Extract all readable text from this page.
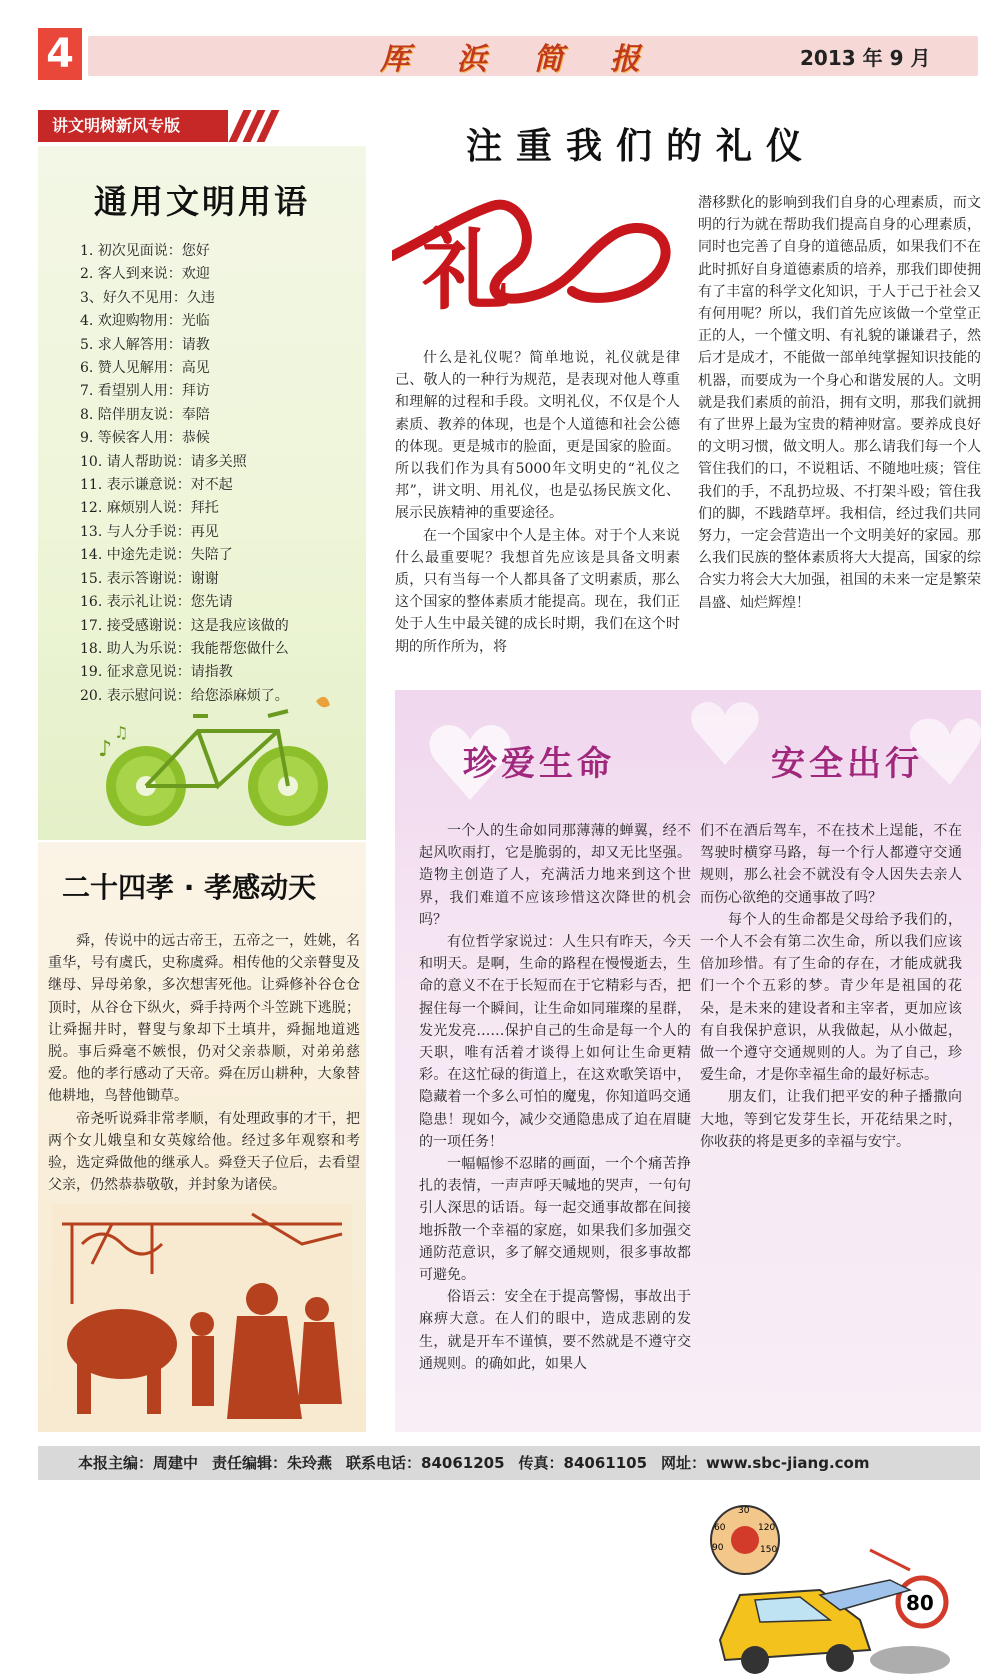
4	厍 浜 简 报	2013 年 9 月
讲文明树新风专版
通用文明用语
1. 初次见面说：您好
2. 客人到来说：欢迎
3、好久不见用：久违
4. 欢迎购物用：光临
5. 求人解答用：请教
6. 赞人见解用：高见
7. 看望别人用：拜访
8. 陪伴朋友说：奉陪
9. 等候客人用：恭候
10. 请人帮助说：请多关照
11. 表示谦意说：对不起
12. 麻烦别人说：拜托
13. 与人分手说：再见
14. 中途先走说：失陪了
15. 表示答谢说：谢谢
16. 表示礼让说：您先请
17. 接受感谢说：这是我应该做的
18. 助人为乐说：我能帮您做什么
19. 征求意见说：请指教
20. 表示慰问说：给您添麻烦了。
♪
♫
二十四孝 · 孝感动天

舜，传说中的远古帝王，五帝之一，姓姚，名重华，号有虞氏，史称虞舜。相传他的父亲瞽叟及继母、异母弟象，多次想害死他。让舜修补谷仓仓顶时，从谷仓下纵火，舜手持两个斗笠跳下逃脱；让舜掘井时，瞽叟与象却下土填井，舜掘地道逃脱。事后舜毫不嫉恨，仍对父亲恭顺，对弟弟慈爱。他的孝行感动了天帝。舜在厉山耕种，大象替他耕地，鸟替他锄草。

帝尧听说舜非常孝顺，有处理政事的才干，把两个女儿娥皇和女英嫁给他。经过多年观察和考验，选定舜做他的继承人。舜登天子位后，去看望父亲，仍然恭恭敬敬，并封象为诸侯。

注重我们的礼仪
礼

什么是礼仪呢？简单地说，礼仪就是律己、敬人的一种行为规范，是表现对他人尊重和理解的过程和手段。文明礼仪，不仅是个人素质、教养的体现，也是个人道德和社会公德的体现。更是城市的脸面，更是国家的脸面。所以我们作为具有5000年文明史的“礼仪之邦”，讲文明、用礼仪，也是弘扬民族文化、展示民族精神的重要途径。

在一个国家中个人是主体。对于个人来说什么最重要呢？我想首先应该是具备文明素质，只有当每一个人都具备了文明素质，那么这个国家的整体素质才能提高。现在，我们正处于人生中最关键的成长时期，我们在这个时期的所作所为，将

潜移默化的影响到我们自身的心理素质，而文明的行为就在帮助我们提高自身的心理素质，同时也完善了自身的道德品质，如果我们不在此时抓好自身道德素质的培养，那我们即使拥有了丰富的科学文化知识，于人于己于社会又有何用呢？所以，我们首先应该做一个堂堂正正的人，一个懂文明、有礼貌的谦谦君子，然后才是成才，不能做一部单纯掌握知识技能的机器，而要成为一个身心和谐发展的人。文明就是我们素质的前沿，拥有文明，那我们就拥有了世界上最为宝贵的精神财富。要养成良好的文明习惯，做文明人。那么请我们每一个人管住我们的口，不说粗话、不随地吐痰；管住我们的手，不乱扔垃圾、不打架斗殴；管住我们的脚，不践踏草坪。我相信，经过我们共同努力，一定会营造出一个文明美好的家园。那么我们民族的整体素质将大大提高，国家的综合实力将会大大加强，祖国的未来一定是繁荣昌盛、灿烂辉煌！

珍爱生命	安全出行

一个人的生命如同那薄薄的蝉翼，经不起风吹雨打，它是脆弱的，却又无比坚强。造物主创造了人，充满活力地来到这个世界，我们难道不应该珍惜这次降世的机会吗？

有位哲学家说过：人生只有昨天，今天和明天。是啊，生命的路程在慢慢逝去，生命的意义不在于长短而在于它精彩与否，把握住每一个瞬间，让生命如同璀璨的星群，发光发亮……保护自己的生命是每一个人的天职，唯有活着才谈得上如何让生命更精彩。在这忙碌的街道上，在这欢歌笑语中，隐藏着一个多么可怕的魔鬼，你知道吗交通隐患！现如今，减少交通隐患成了迫在眉睫的一项任务！

一幅幅惨不忍睹的画面，一个个痛苦挣扎的表情，一声声呼天喊地的哭声，一句句引人深思的话语。每一起交通事故都在间接地拆散一个幸福的家庭，如果我们多加强交通防范意识，多了解交通规则，很多事故都可避免。

俗语云：安全在于提高警惕，事故出于麻痹大意。在人们的眼中，造成悲剧的发生，就是开车不谨慎，要不然就是不遵守交通规则。的确如此，如果人

们不在酒后驾车，不在技术上逞能，不在驾驶时横穿马路，每一个行人都遵守交通规则，那么社会不就没有令人因失去亲人而伤心欲绝的交通事故了吗？

每个人的生命都是父母给予我们的，一个人不会有第二次生命，所以我们应该倍加珍惜。有了生命的存在，才能成就我们一个个五彩的梦。青少年是祖国的花朵，是未来的建设者和主宰者，更加应该有自我保护意识，从我做起，从小做起，做一个遵守交通规则的人。为了自己，珍爱生命，才是你幸福生命的最好标志。

朋友们，让我们把平安的种子播撒向大地，等到它发芽生长，开花结果之时，你收获的将是更多的幸福与安宁。

30
60
90
120
150
80
本报主编：周建中 责任编辑：朱玲燕 联系电话：84061205 传真：84061105 网址：www.sbc-jiang.com
